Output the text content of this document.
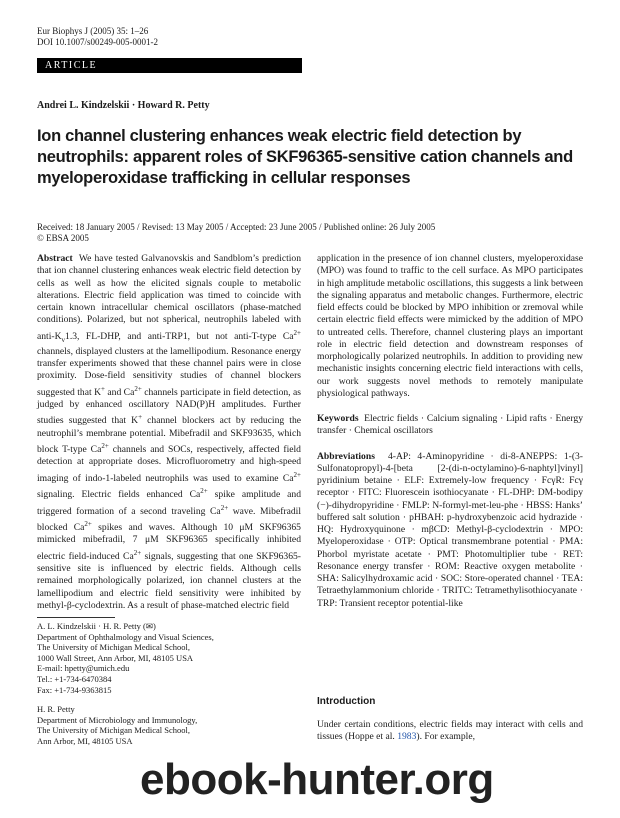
Eur Biophys J (2005) 35: 1–26
DOI 10.1007/s00249-005-0001-2
ARTICLE
Andrei L. Kindzelskii · Howard R. Petty
Ion channel clustering enhances weak electric field detection by neutrophils: apparent roles of SKF96365-sensitive cation channels and myeloperoxidase trafficking in cellular responses
Received: 18 January 2005 / Revised: 13 May 2005 / Accepted: 23 June 2005 / Published online: 26 July 2005
© EBSA 2005

Abstract We have tested Galvanovskis and Sandblom’s prediction that ion channel clustering enhances weak electric field detection by cells as well as how the elicited signals couple to metabolic alterations. Electric field application was timed to coincide with certain known intracellular chemical oscillators (phase-matched conditions). Polarized, but not spherical, neutrophils labeled with anti-$K_v1.3$, FL-DHP, and anti-TRP1, but not anti-T-type $Ca^{2+}$ channels, displayed clusters at the lamellipodium. Resonance energy transfer experiments showed that these channel pairs were in close proximity. Dose-field sensitivity studies of channel blockers suggested that K+ and $Ca^{2+}$ channels participate in field detection, as judged by enhanced oscillatory NAD(P)H amplitudes. Further studies suggested that K+ channel blockers act by reducing the neutrophil’s membrane potential. Mibefradil and SKF93635, which block T-type $Ca^{2+}$ channels and SOCs, respectively, affected field detection at appropriate doses. Microfluorometry and high-speed imaging of indo-1-labeled neutrophils was used to examine $Ca^{2+}$ signaling. Electric fields enhanced $Ca^{2+}$ spike amplitude and triggered formation of a second traveling $Ca^{2+}$ wave. Mibefradil blocked $Ca^{2+}$ spikes and waves. Although 10 μM SKF96365 mimicked mibefradil, 7 μM SKF96365 specifically inhibited electric field-induced $Ca^{2+}$ signals, suggesting that one SKF96365-sensitive site is influenced by electric fields. Although cells remained morphologically polarized, ion channel clusters at the lamellipodium and electric field sensitivity were inhibited by methyl-β-cyclodextrin. As a result of phase-matched electric field

A. L. Kindzelskii · H. R. Petty (✉)
Department of Ophthalmology and Visual Sciences,
The University of Michigan Medical School,
1000 Wall Street, Ann Arbor, MI, 48105 USA
E-mail: hpetty@umich.edu
Tel.: +1-734-6470384
Fax: +1-734-9363815
H. R. Petty
Department of Microbiology and Immunology,
The University of Michigan Medical School,
Ann Arbor, MI, 48105 USA

application in the presence of ion channel clusters, myeloperoxidase (MPO) was found to traffic to the cell surface. As MPO participates in high amplitude metabolic oscillations, this suggests a link between the signaling apparatus and metabolic changes. Furthermore, electric field effects could be blocked by MPO inhibition or zremoval while certain electric field effects were mimicked by the addition of MPO to untreated cells. Therefore, channel clustering plays an important role in electric field detection and downstream responses of morphologically polarized neutrophils. In addition to providing new mechanistic insights concerning electric field interactions with cells, our work suggests novel methods to remotely manipulate physiological pathways.

Keywords Electric fields · Calcium signaling · Lipid rafts · Energy transfer · Chemical oscillators

Abbreviations 4-AP: 4-Aminopyridine · di-8-ANEPPS: 1-(3-Sulfonatopropyl)-4-[beta [2-(di-n-octylamino)-6-naphtyl]vinyl] pyridinium betaine · ELF: Extremely-low frequency · FcγR: Fcγ receptor · FITC: Fluorescein isothiocyanate · FL-DHP: DM-bodipy (−)-dihydropyridine · FMLP: N-formyl-met-leu-phe · HBSS: Hanks’ buffered salt solution · pHBAH: p-hydroxybenzoic acid hydrazide · HQ: Hydroxyquinone · mβCD: Methyl-β-cyclodextrin · MPO: Myeloperoxidase · OTP: Optical transmembrane potential · PMA: Phorbol myristate acetate · PMT: Photomultiplier tube · RET: Resonance energy transfer · ROM: Reactive oxygen metabolite · SHA: Salicylhydroxamic acid · SOC: Store-operated channel · TEA: Tetraethylammonium chloride · TRITC: Tetramethylisothiocyanate · TRP: Transient receptor potential-like

Introduction

Under certain conditions, electric fields may interact with cells and tissues (Hoppe et al. 1983). For example,

ebook-hunter.org
